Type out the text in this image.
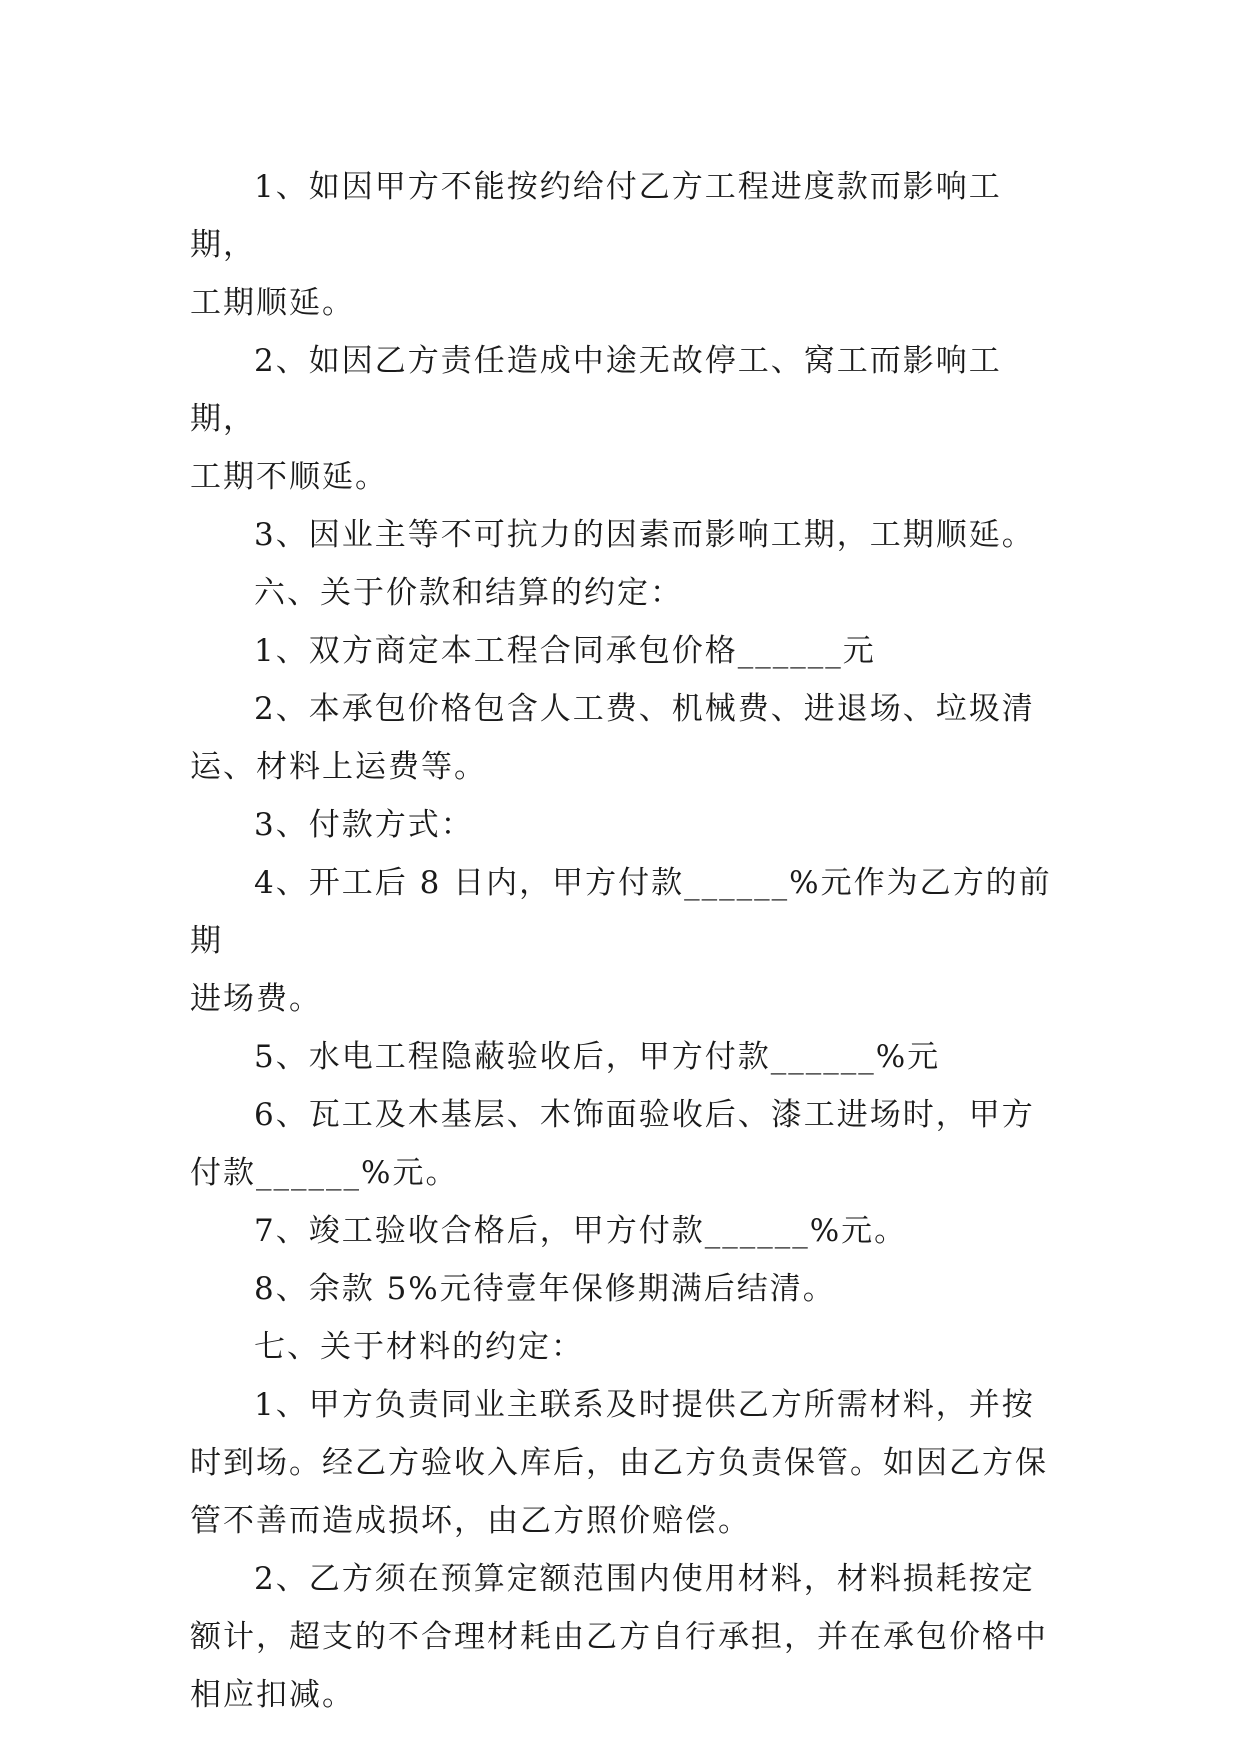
1、如因甲方不能按约给付乙方工程进度款而影响工期，
工期顺延。

2、如因乙方责任造成中途无故停工、窝工而影响工期，
工期不顺延。

3、因业主等不可抗力的因素而影响工期，工期顺延。

六、关于价款和结算的约定：

1、双方商定本工程合同承包价格______元

2、本承包价格包含人工费、机械费、进退场、垃圾清
运、材料上运费等。

3、付款方式：

4、开工后 8 日内，甲方付款______%元作为乙方的前期
进场费。

5、水电工程隐蔽验收后，甲方付款______%元

6、瓦工及木基层、木饰面验收后、漆工进场时，甲方
付款______%元。

7、竣工验收合格后，甲方付款______%元。

8、余款 5%元待壹年保修期满后结清。

七、关于材料的约定：

1、甲方负责同业主联系及时提供乙方所需材料，并按
时到场。经乙方验收入库后，由乙方负责保管。如因乙方保
管不善而造成损坏，由乙方照价赔偿。

2、乙方须在预算定额范围内使用材料，材料损耗按定
额计，超支的不合理材耗由乙方自行承担，并在承包价格中
相应扣减。
